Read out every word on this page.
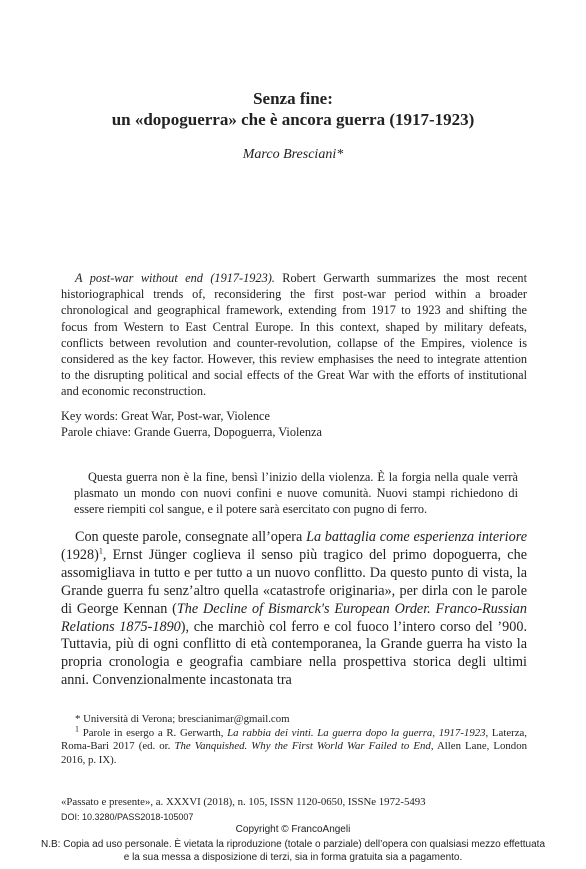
Senza fine:
un «dopoguerra» che è ancora guerra (1917-1923)
Marco Bresciani*

A post-war without end (1917-1923). Robert Gerwarth summarizes the most recent historiographical trends of, reconsidering the first post-war period within a broader chronological and geographical framework, extending from 1917 to 1923 and shifting the focus from Western to East Central Europe. In this context, shaped by military defeats, conflicts between revolution and counter-revolution, collapse of the Empires, violence is considered as the key factor. However, this review emphasises the need to integrate attention to the disrupting political and social effects of the Great War with the efforts of institutional and economic reconstruction.

Key words: Great War, Post-war, Violence
Parole chiave: Grande Guerra, Dopoguerra, Violenza

Questa guerra non è la fine, bensì l’inizio della violenza. È la forgia nella quale verrà plasmato un mondo con nuovi confini e nuove comunità. Nuovi stampi richiedono di essere riempiti col sangue, e il potere sarà esercitato con pugno di ferro.

Con queste parole, consegnate all’opera La battaglia come esperienza interiore $(1928)^1$, Ernst Jünger coglieva il senso più tragico del primo dopoguerra, che assomigliava in tutto e per tutto a un nuovo conflitto. Da questo punto di vista, la Grande guerra fu senz’altro quella «catastrofe originaria», per dirla con le parole di George Kennan (The Decline of Bismarck's European Order. Franco-Russian Relations 1875-1890), che marchiò col ferro e col fuoco l’intero corso del ’900. Tuttavia, più di ogni conflitto di età contemporanea, la Grande guerra ha visto la propria cronologia e geografia cambiare nella prospettiva storica degli ultimi anni. Convenzionalmente incastonata tra

* Università di Verona; brescianimar@gmail.com

$^1$ Parole in esergo a R. Gerwarth, La rabbia dei vinti. La guerra dopo la guerra, 1917-1923, Laterza, Roma-Bari 2017 (ed. or. The Vanquished. Why the First World War Failed to End, Allen Lane, London 2016, p. IX).

«Passato e presente», a. XXXVI (2018), n. 105, ISSN 1120-0650, ISSNe 1972-5493
DOI: 10.3280/PASS2018-105007
Copyright © FrancoAngeli
N.B: Copia ad uso personale. È vietata la riproduzione (totale o parziale) dell’opera con qualsiasi mezzo effettuata e la sua messa a disposizione di terzi, sia in forma gratuita sia a pagamento.
